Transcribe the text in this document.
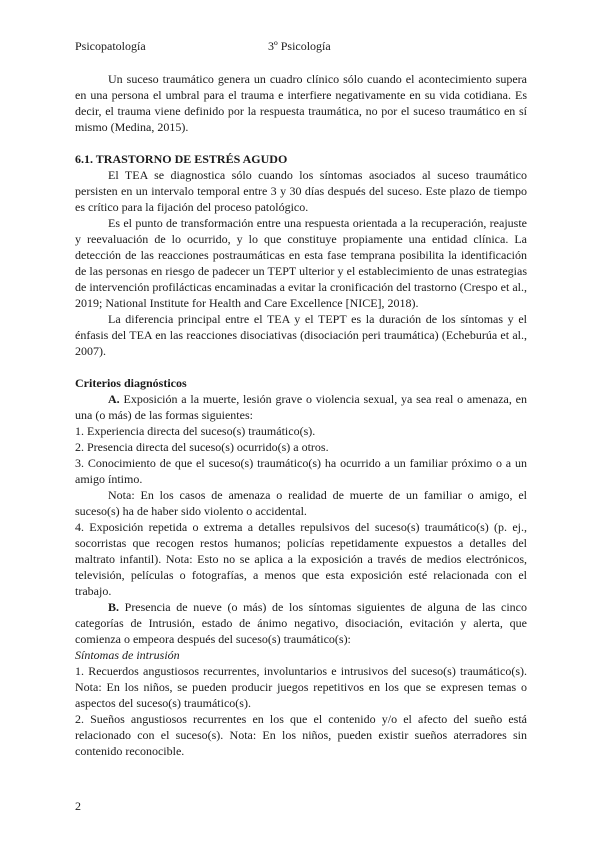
Psicopatología	3º Psicología

Un suceso traumático genera un cuadro clínico sólo cuando el acontecimiento supera en una persona el umbral para el trauma e interfiere negativamente en su vida cotidiana. Es decir, el trauma viene definido por la respuesta traumática, no por el suceso traumático en sí mismo (Medina, 2015).

6.1. TRASTORNO DE ESTRÉS AGUDO

El TEA se diagnostica sólo cuando los síntomas asociados al suceso traumático persisten en un intervalo temporal entre 3 y 30 días después del suceso. Este plazo de tiempo es crítico para la fijación del proceso patológico.

Es el punto de transformación entre una respuesta orientada a la recuperación, reajuste y reevaluación de lo ocurrido, y lo que constituye propiamente una entidad clínica. La detección de las reacciones postraumáticas en esta fase temprana posibilita la identificación de las personas en riesgo de padecer un TEPT ulterior y el establecimiento de unas estrategias de intervención profilácticas encaminadas a evitar la cronificación del trastorno (Crespo et al., 2019; National Institute for Health and Care Excellence [NICE], 2018).

La diferencia principal entre el TEA y el TEPT es la duración de los síntomas y el énfasis del TEA en las reacciones disociativas (disociación peri traumática) (Echeburúa et al., 2007).

Criterios diagnósticos

A. Exposición a la muerte, lesión grave o violencia sexual, ya sea real o amenaza, en una (o más) de las formas siguientes:

1. Experiencia directa del suceso(s) traumático(s).

2. Presencia directa del suceso(s) ocurrido(s) a otros.

3. Conocimiento de que el suceso(s) traumático(s) ha ocurrido a un familiar próximo o a un amigo íntimo.

Nota: En los casos de amenaza o realidad de muerte de un familiar o amigo, el suceso(s) ha de haber sido violento o accidental.

4. Exposición repetida o extrema a detalles repulsivos del suceso(s) traumático(s) (p. ej., socorristas que recogen restos humanos; policías repetidamente expuestos a detalles del maltrato infantil). Nota: Esto no se aplica a la exposición a través de medios electrónicos, televisión, películas o fotografías, a menos que esta exposición esté relacionada con el trabajo.

B. Presencia de nueve (o más) de los síntomas siguientes de alguna de las cinco categorías de Intrusión, estado de ánimo negativo, disociación, evitación y alerta, que comienza o empeora después del suceso(s) traumático(s):

Síntomas de intrusión

1. Recuerdos angustiosos recurrentes, involuntarios e intrusivos del suceso(s) traumático(s). Nota: En los niños, se pueden producir juegos repetitivos en los que se expresen temas o aspectos del suceso(s) traumático(s).

2. Sueños angustiosos recurrentes en los que el contenido y/o el afecto del sueño está relacionado con el suceso(s). Nota: En los niños, pueden existir sueños aterradores sin contenido reconocible.

2
